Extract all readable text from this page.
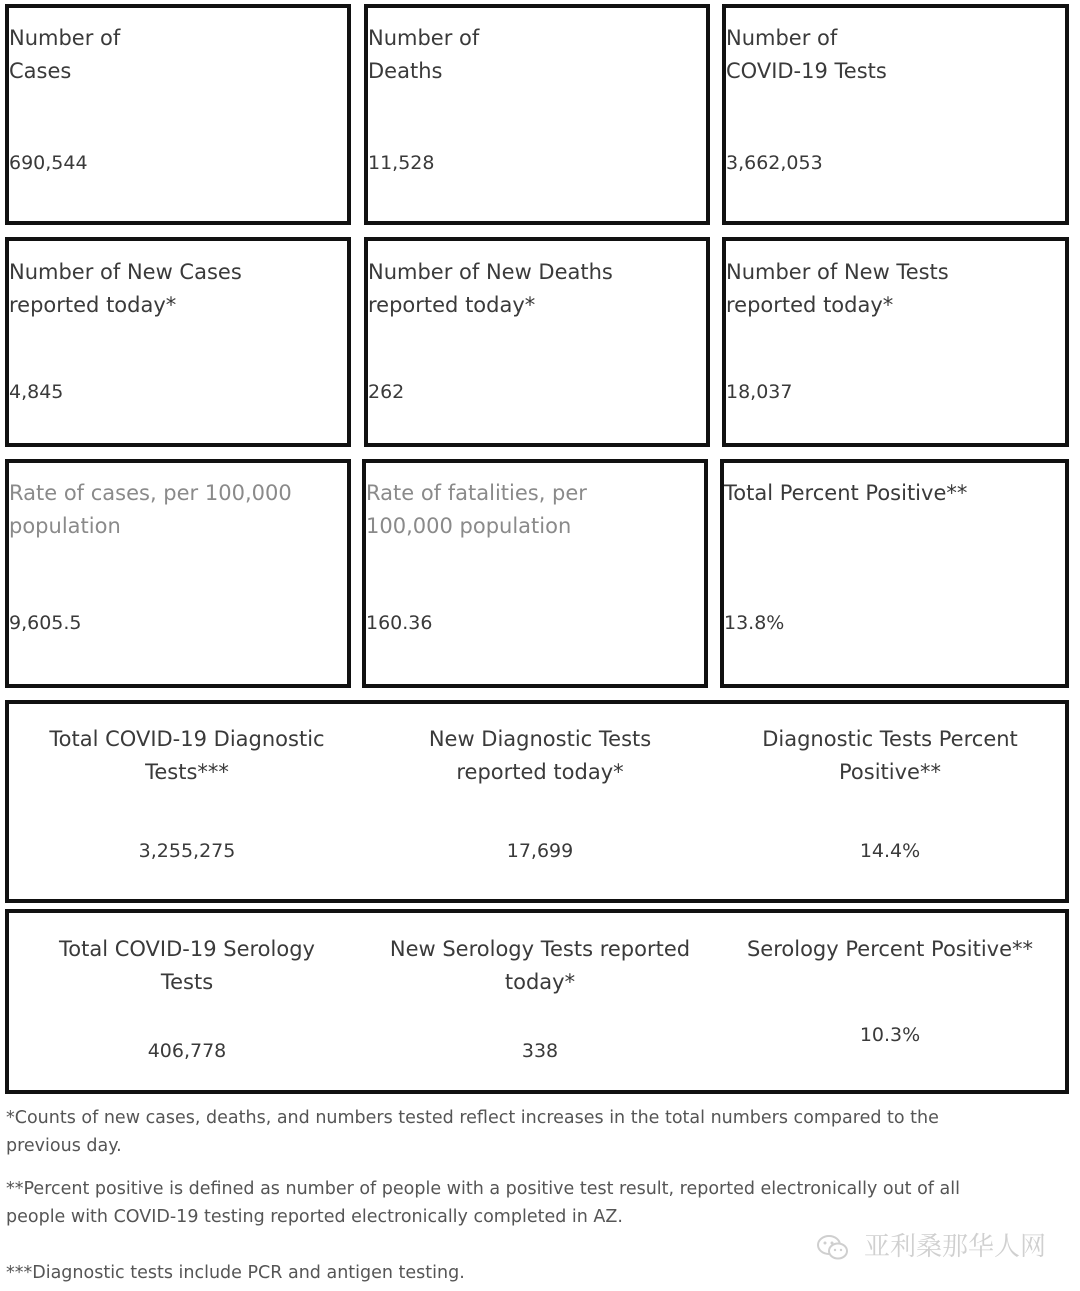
Number of
Cases
690,544
Number of
Deaths
11,528
Number of
COVID-19 Tests
3,662,053
Number of New Cases
reported today*
4,845
Number of New Deaths
reported today*
262
Number of New Tests
reported today*
18,037
Rate of cases, per 100,000
population
9,605.5
Rate of fatalities, per
100,000 population
160.36
Total Percent Positive**
13.8%
Total COVID-19 Diagnostic
Tests***
3,255,275
New Diagnostic Tests
reported today*
17,699
Diagnostic Tests Percent
Positive**
14.4%
Total COVID-19 Serology
Tests
406,778
New Serology Tests reported
today*
338
Serology Percent Positive**
10.3%
*Counts of new cases, deaths, and numbers tested reflect increases in the total numbers compared to the
previous day.
**Percent positive is defined as number of people with a positive test result, reported electronically out of all
people with COVID-19 testing reported electronically completed in AZ.
***Diagnostic tests include PCR and antigen testing.
亚利桑那华人网
